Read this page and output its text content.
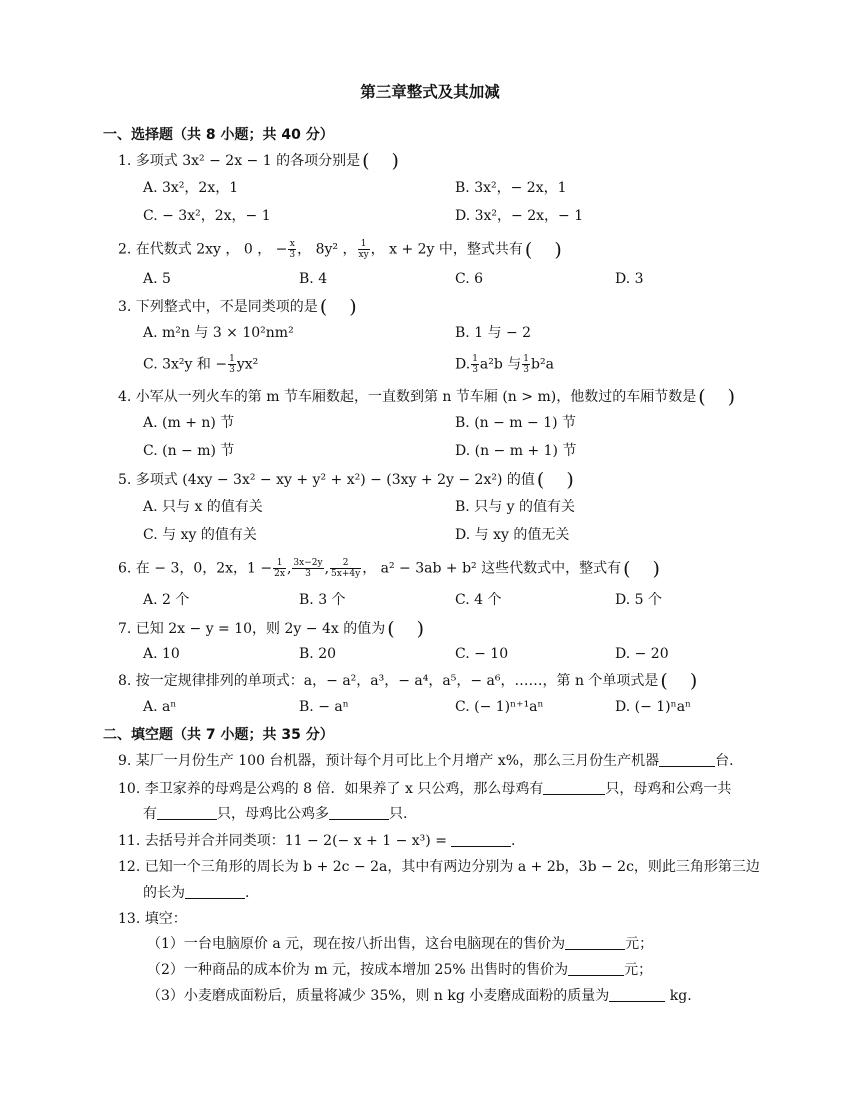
第三章整式及其加减
一、选择题（共 8 小题；共 40 分）
1. 多项式 3x² − 2x − 1 的各项分别是 ( )
A. 3x²，2x，1	B. 3x²，− 2x，1
C. − 3x²，2x，− 1	D. 3x²，− 2x，− 1
2. 在代数式 2xy ， 0 ， − $\frac{x}{3}$ ， 8y² ， $\frac{1}{xy}$ ， x + 2y 中，整式共有 ( )
A. 5	B. 4	C. 6	D. 3
3. 下列整式中，不是同类项的是 ( )
A. m²n 与 3 × 10²nm²	B. 1 与 − 2
C. 3x²y 和 − $\frac{1}{3} yx^2$	D. $\frac{1}{3} a^2b$ 与 $\frac{1}{3} b^2a$
4. 小军从一列火车的第 m 节车厢数起，一直数到第 n 节车厢 (n > m)，他数过的车厢节数是 ( )
A. (m + n) 节	B. (n − m − 1) 节
C. (n − m) 节	D. (n − m + 1) 节
5. 多项式 (4xy − 3x² − xy + y² + x²) − (3xy + 2y − 2x²) 的值 ( )
A. 只与 x 的值有关	B. 只与 y 的值有关
C. 与 xy 的值有关	D. 与 xy 的值无关
6. 在 − 3，0，2x，$1 - \frac{1}{2x}$ , $\frac{3x-2y}{3}$ , $\frac{2}{5x+4y}$ ， a² − 3ab + b² 这些代数式中，整式有 ( )
A. 2 个	B. 3 个	C. 4 个	D. 5 个
7. 已知 2x − y = 10，则 2y − 4x 的值为 ( )
A. 10	B. 20	C. − 10	D. − 20
8. 按一定规律排列的单项式：a，− a²，a³，− a⁴，a⁵，− a⁶，……，第 n 个单项式是 ( )
A. aⁿ	B. − aⁿ	C. (− 1)ⁿ⁺¹aⁿ	D. (− 1)ⁿaⁿ
二、填空题（共 7 小题；共 35 分）
9. 某厂一月份生产 100 台机器，预计每个月可比上个月增产 x%，那么三月份生产机器	台.
10. 李卫家养的母鸡是公鸡的 8 倍．如果养了 x 只公鸡，那么母鸡有	只，母鸡和公鸡一共
有	只，母鸡比公鸡多	只.
11. 去括号并合并同类项：11 − 2(− x + 1 − x³) =	.
12. 已知一个三角形的周长为 b + 2c − 2a，其中有两边分别为 a + 2b，3b − 2c，则此三角形第三边
的长为	.
13. 填空：
（1）一台电脑原价 a 元，现在按八折出售，这台电脑现在的售价为	元；
（2）一种商品的成本价为 m 元，按成本增加 25% 出售时的售价为	元；
（3）小麦磨成面粉后，质量将减少 35%，则 n kg 小麦磨成面粉的质量为	kg.
